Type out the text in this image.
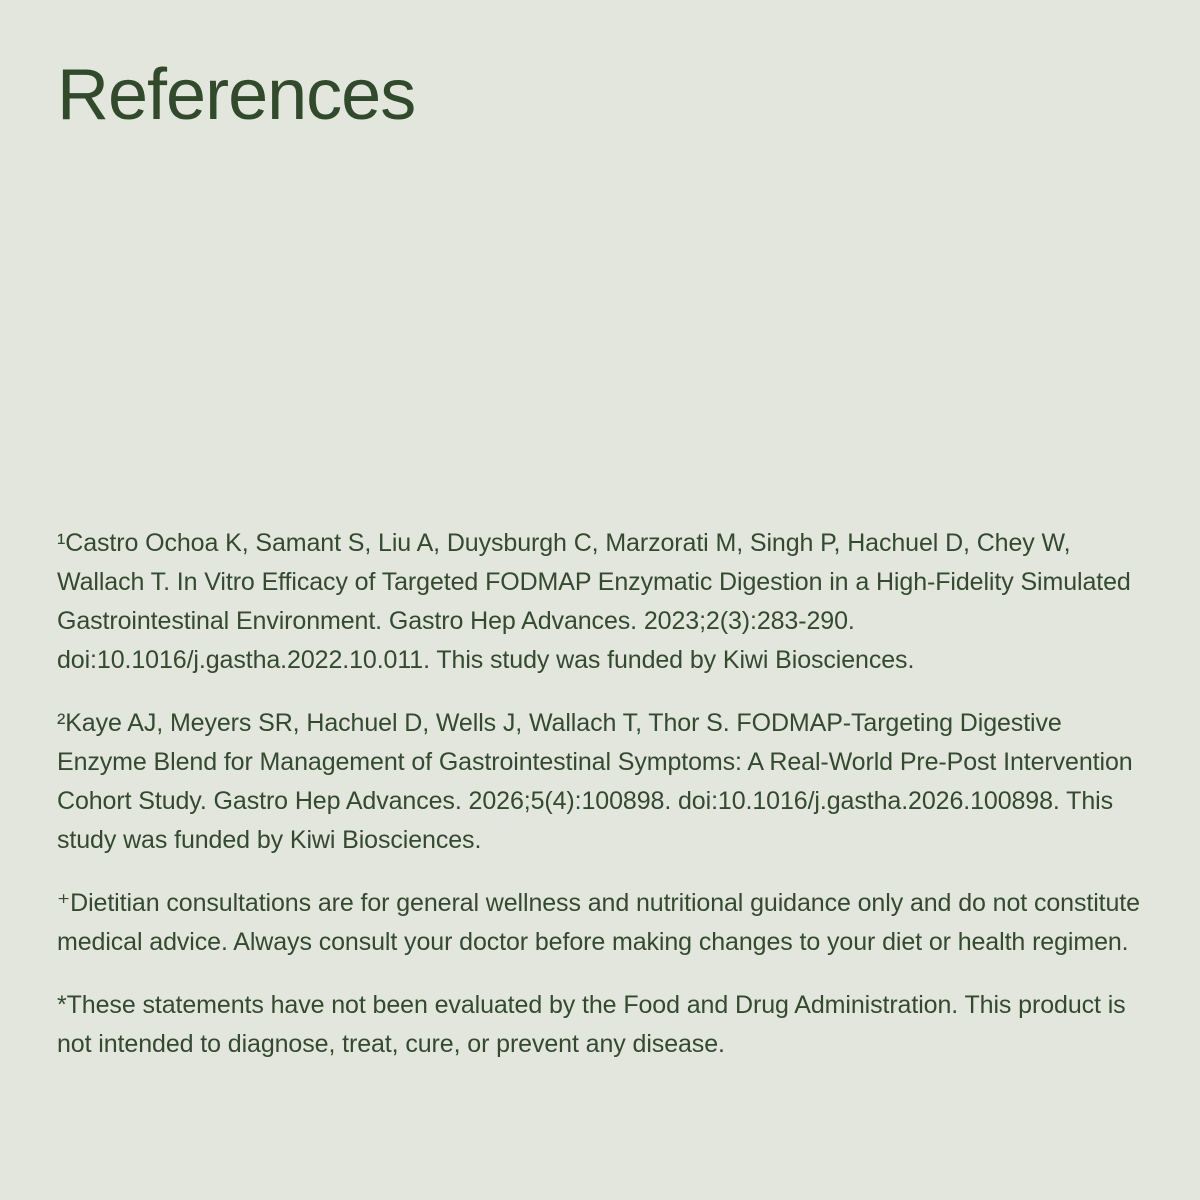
References

¹Castro Ochoa K, Samant S, Liu A, Duysburgh C, Marzorati M, Singh P, Hachuel D, Chey W, Wallach T. In Vitro Efficacy of Targeted FODMAP Enzymatic Digestion in a High-Fidelity Simulated Gastrointestinal Environment. Gastro Hep Advances. 2023;2(3):283-290. doi:10.1016/j.gastha.2022.10.011. This study was funded by Kiwi Biosciences.

²Kaye AJ, Meyers SR, Hachuel D, Wells J, Wallach T, Thor S. FODMAP-Targeting Digestive Enzyme Blend for Management of Gastrointestinal Symptoms: A Real-World Pre-Post Intervention Cohort Study. Gastro Hep Advances. 2026;5(4):100898. doi:10.1016/j.gastha.2026.100898. This study was funded by Kiwi Biosciences.

⁺Dietitian consultations are for general wellness and nutritional guidance only and do not constitute medical advice. Always consult your doctor before making changes to your diet or health regimen.

*These statements have not been evaluated by the Food and Drug Administration. This product is not intended to diagnose, treat, cure, or prevent any disease.
